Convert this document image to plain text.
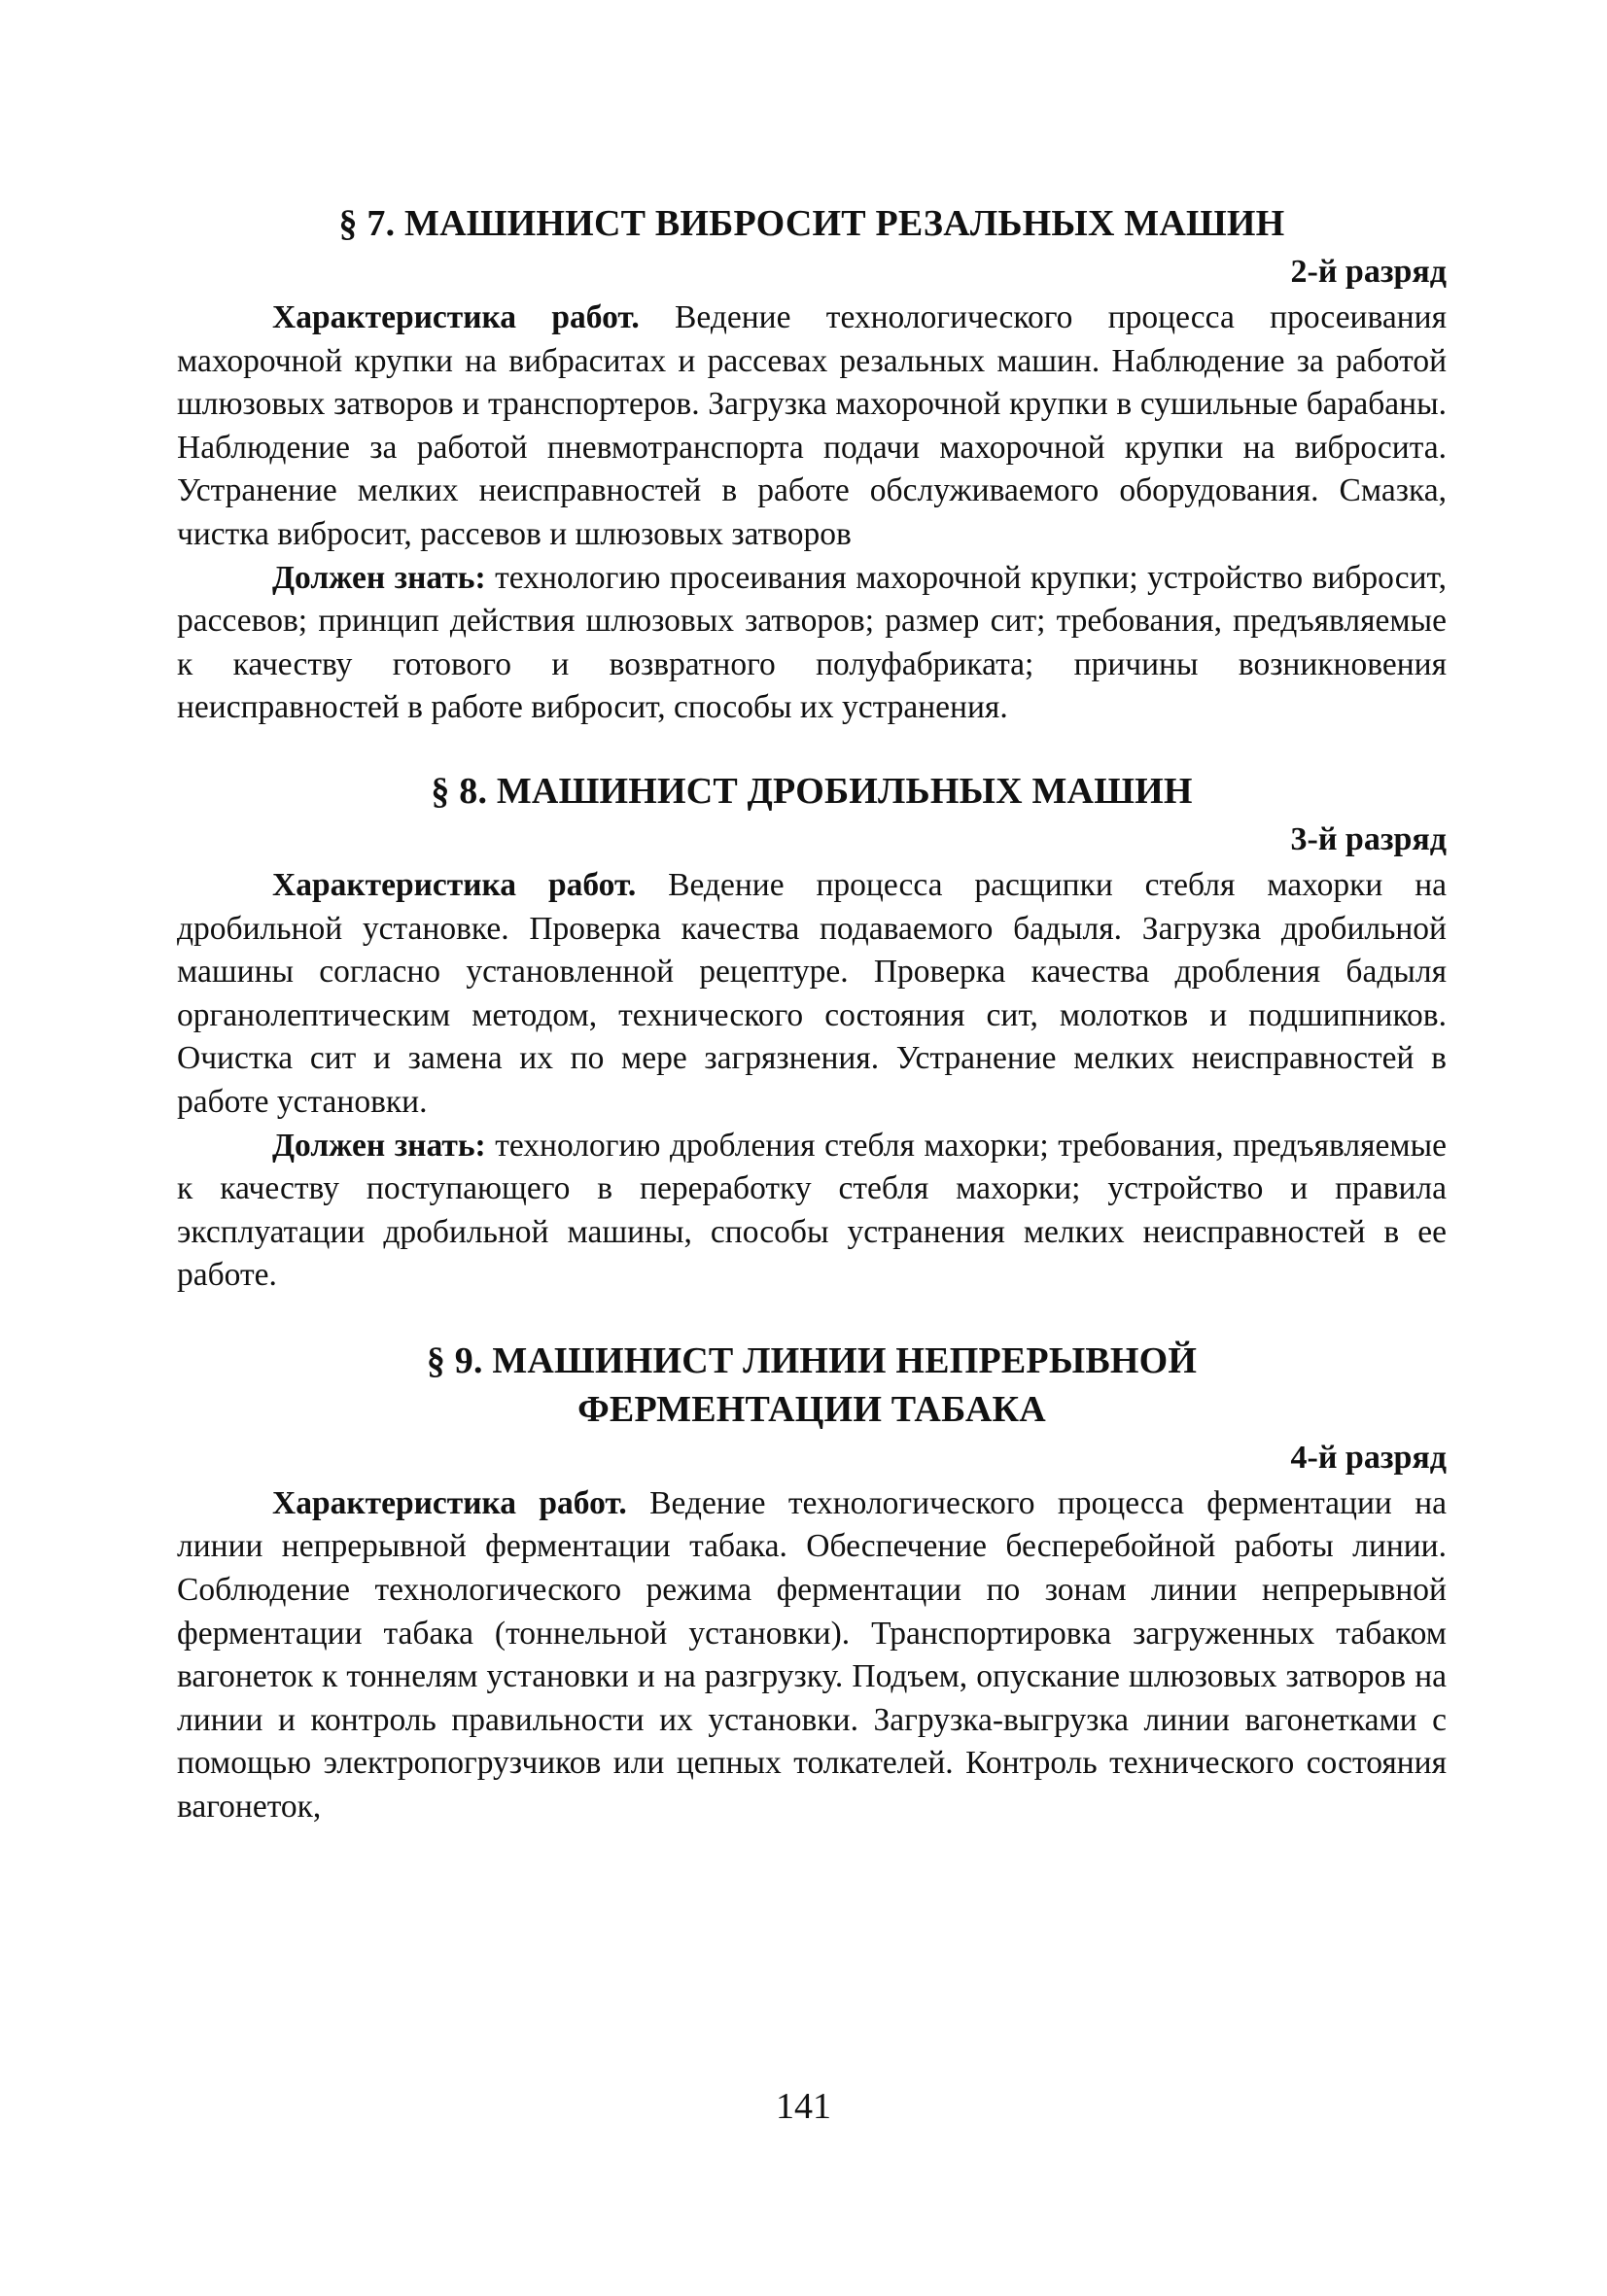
§ 7. МАШИНИСТ ВИБРОСИТ РЕЗАЛЬНЫХ МАШИН

2-й разряд

Характеристика работ. Ведение технологического процесса просеивания махорочной крупки на вибраситах и рассевах резальных машин. Наблюдение за работой шлюзовых затворов и транспортеров. Загрузка махорочной крупки в сушильные барабаны. Наблюдение за работой пневмотранспорта подачи махорочной крупки на вибросита. Устранение мелких неисправностей в работе обслуживаемого оборудования. Смазка, чистка вибросит, рассевов и шлюзовых затворов

Должен знать: технологию просеивания махорочной крупки; устройство вибросит, рассевов; принцип действия шлюзовых затворов; размер сит; требования, предъявляемые к качеству готового и возвратного полуфабриката; причины возникновения неисправностей в работе вибросит, способы их устранения.

§ 8. МАШИНИСТ ДРОБИЛЬНЫХ МАШИН

3-й разряд

Характеристика работ. Ведение процесса расщипки стебля махорки на дробильной установке. Проверка качества подаваемого бадыля. Загрузка дробильной машины согласно установленной рецептуре. Проверка качества дробления бадыля органолептическим методом, технического состояния сит, молотков и подшипников. Очистка сит и замена их по мере загрязнения. Устранение мелких неисправностей в работе установки.

Должен знать: технологию дробления стебля махорки; требования, предъявляемые к качеству поступающего в переработку стебля махорки; устройство и правила эксплуатации дробильной машины, способы устранения мелких неисправностей в ее работе.

§ 9. МАШИНИСТ ЛИНИИ НЕПРЕРЫВНОЙ
ФЕРМЕНТАЦИИ ТАБАКА

4-й разряд

Характеристика работ. Ведение технологического процесса ферментации на линии непрерывной ферментации табака. Обеспечение бесперебойной работы линии. Соблюдение технологического режима ферментации по зонам линии непрерывной ферментации табака (тоннельной установки). Транспортировка загруженных табаком вагонеток к тоннелям установки и на разгрузку. Подъем, опускание шлюзовых затворов на линии и контроль правильности их установки. Загрузка-выгрузка линии вагонетками с помощью электропогрузчиков или цепных толкателей. Контроль технического состояния вагонеток,

141
